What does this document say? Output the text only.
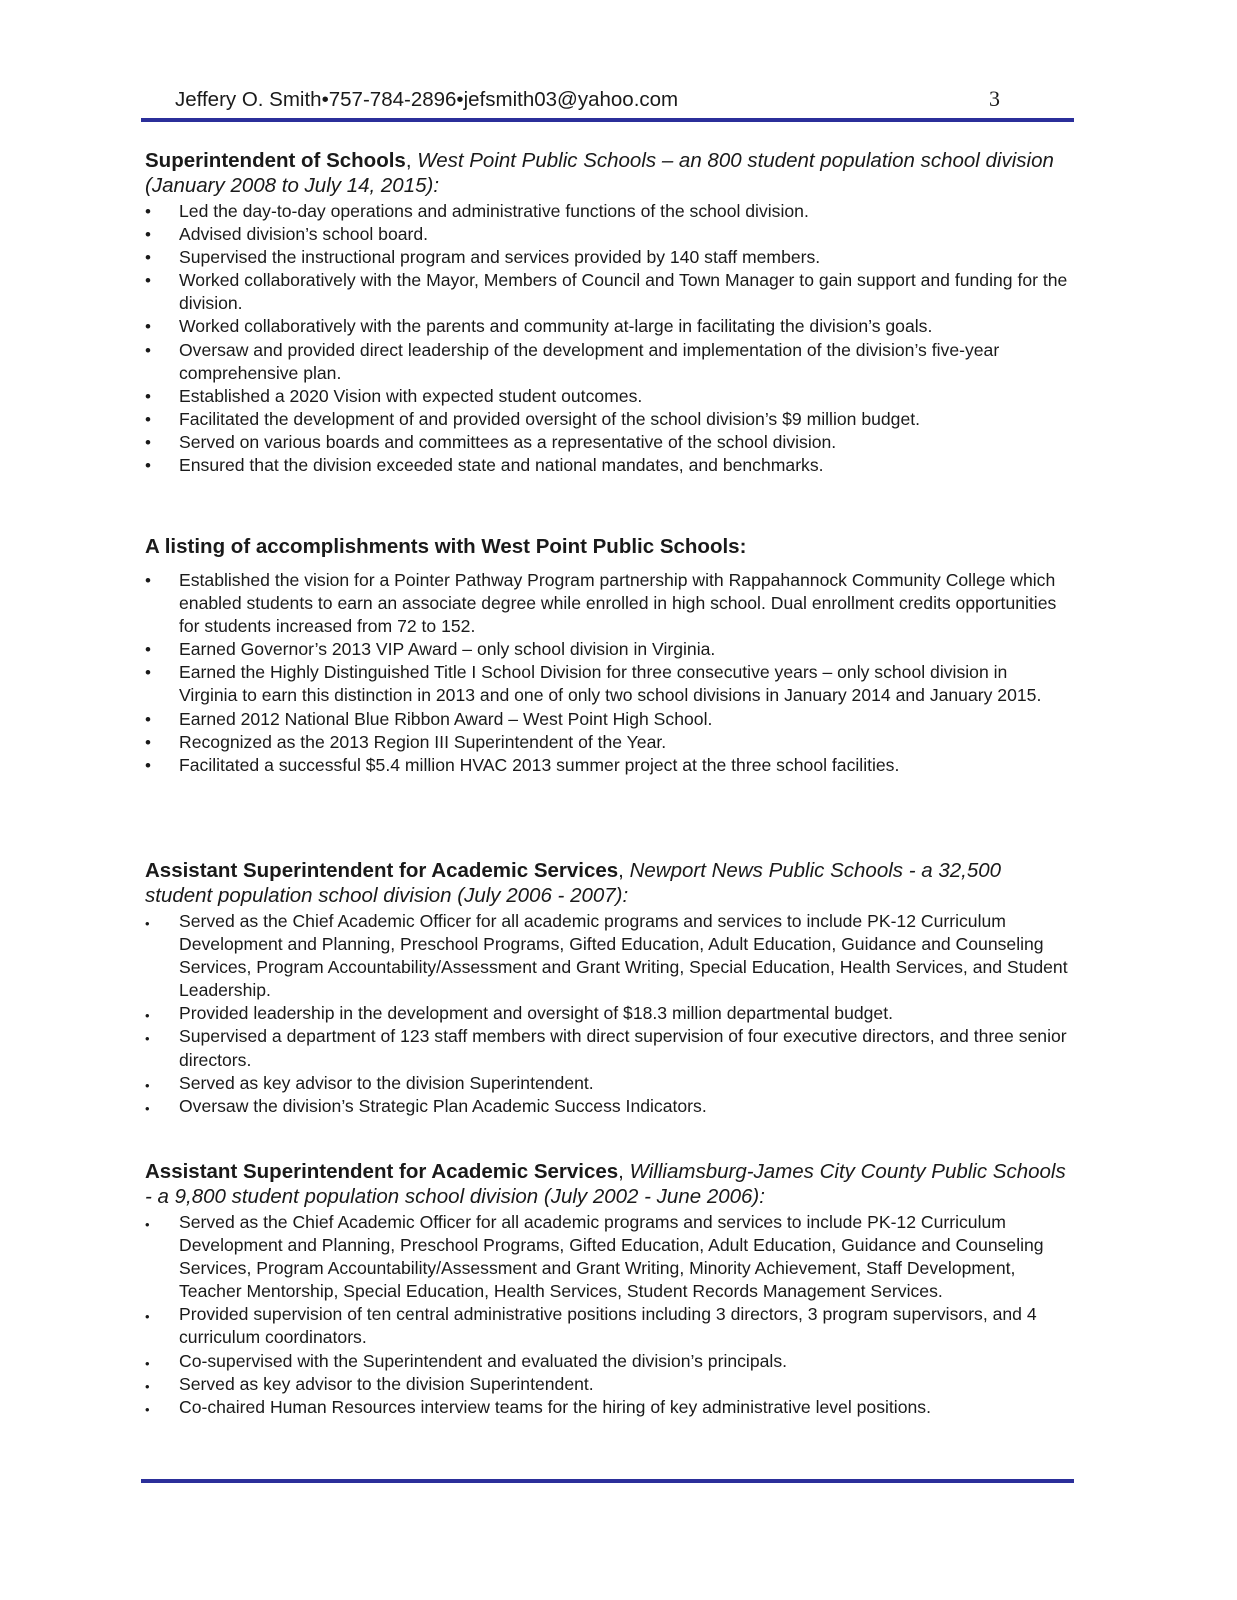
Jeffery O. Smith•757-784-2896•jefsmith03@yahoo.com	3

Superintendent of Schools, West Point Public Schools – an 800 student population school division (January 2008 to July 14, 2015):

• Led the day-to-day operations and administrative functions of the school division.
• Advised division’s school board.
• Supervised the instructional program and services provided by 140 staff members.
• Worked collaboratively with the Mayor, Members of Council and Town Manager to gain support and funding for the division.
• Worked collaboratively with the parents and community at-large in facilitating the division’s goals.
• Oversaw and provided direct leadership of the development and implementation of the division’s five-year comprehensive plan.
• Established a 2020 Vision with expected student outcomes.
• Facilitated the development of and provided oversight of the school division’s $9 million budget.
• Served on various boards and committees as a representative of the school division.
• Ensured that the division exceeded state and national mandates, and benchmarks.

A listing of accomplishments with West Point Public Schools:

• Established the vision for a Pointer Pathway Program partnership with Rappahannock Community College which enabled students to earn an associate degree while enrolled in high school. Dual enrollment credits opportunities for students increased from 72 to 152.
• Earned Governor’s 2013 VIP Award – only school division in Virginia.
• Earned the Highly Distinguished Title I School Division for three consecutive years – only school division in Virginia to earn this distinction in 2013 and one of only two school divisions in January 2014 and January 2015.
• Earned 2012 National Blue Ribbon Award – West Point High School.
• Recognized as the 2013 Region III Superintendent of the Year.
• Facilitated a successful $5.4 million HVAC 2013 summer project at the three school facilities.

Assistant Superintendent for Academic Services, Newport News Public Schools - a 32,500 student population school division (July 2006 - 2007):

• Served as the Chief Academic Officer for all academic programs and services to include PK-12 Curriculum Development and Planning, Preschool Programs, Gifted Education, Adult Education, Guidance and Counseling Services, Program Accountability/Assessment and Grant Writing, Special Education, Health Services, and Student Leadership.
• Provided leadership in the development and oversight of $18.3 million departmental budget.
• Supervised a department of 123 staff members with direct supervision of four executive directors, and three senior directors.
• Served as key advisor to the division Superintendent.
• Oversaw the division’s Strategic Plan Academic Success Indicators.

Assistant Superintendent for Academic Services, Williamsburg-James City County Public Schools - a 9,800 student population school division (July 2002 - June 2006):

• Served as the Chief Academic Officer for all academic programs and services to include PK-12 Curriculum Development and Planning, Preschool Programs, Gifted Education, Adult Education, Guidance and Counseling Services, Program Accountability/Assessment and Grant Writing, Minority Achievement, Staff Development, Teacher Mentorship, Special Education, Health Services, Student Records Management Services.
• Provided supervision of ten central administrative positions including 3 directors, 3 program supervisors, and 4 curriculum coordinators.
• Co-supervised with the Superintendent and evaluated the division’s principals.
• Served as key advisor to the division Superintendent.
• Co-chaired Human Resources interview teams for the hiring of key administrative level positions.
